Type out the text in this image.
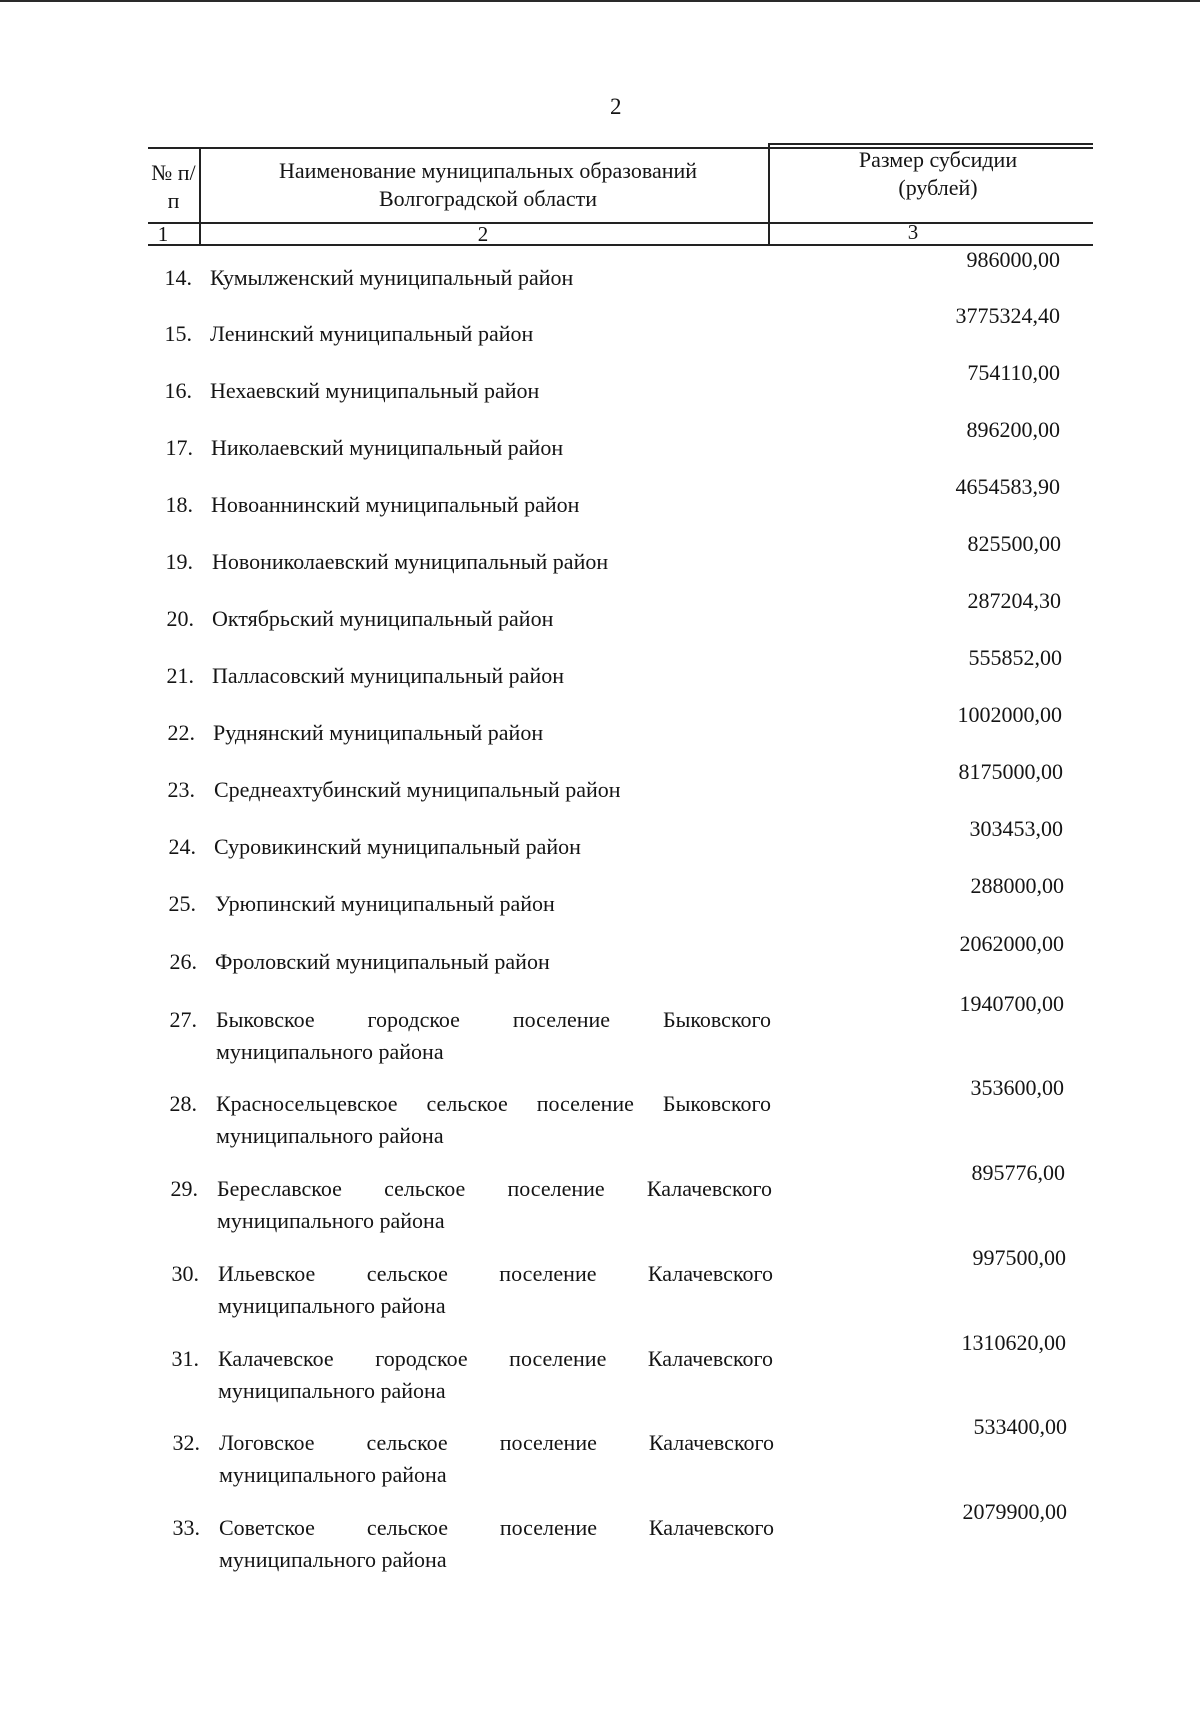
2
№ п/п
Наименование муниципальных образований Волгоградской области
Размер субсидии (рублей)
1	2	3
14. Кумылженский муниципальный район
986000,00
15. Ленинский муниципальный район
3775324,40
16. Нехаевский муниципальный район
754110,00
17. Николаевский муниципальный район
896200,00
18. Новоаннинский муниципальный район
4654583,90
19. Новониколаевский муниципальный район
825500,00
20. Октябрьский муниципальный район
287204,30
21. Палласовский муниципальный район
555852,00
22. Руднянский муниципальный район
1002000,00
23. Среднеахтубинский муниципальный район
8175000,00
24. Суровикинский муниципальный район
303453,00
25. Урюпинский муниципальный район
288000,00
26. Фроловский муниципальный район
2062000,00
27. Быковское городское поселение Быковского
муниципального района
1940700,00
28. Красносельцевское сельское поселение Быковского
муниципального района
353600,00
29. Береславское сельское поселение Калачевского
муниципального района
895776,00
30. Ильевское сельское поселение Калачевского
муниципального района
997500,00
31. Калачевское городское поселение Калачевского
муниципального района
1310620,00
32. Логовское сельское поселение Калачевского
муниципального района
533400,00
33. Советское сельское поселение Калачевского
муниципального района
2079900,00
